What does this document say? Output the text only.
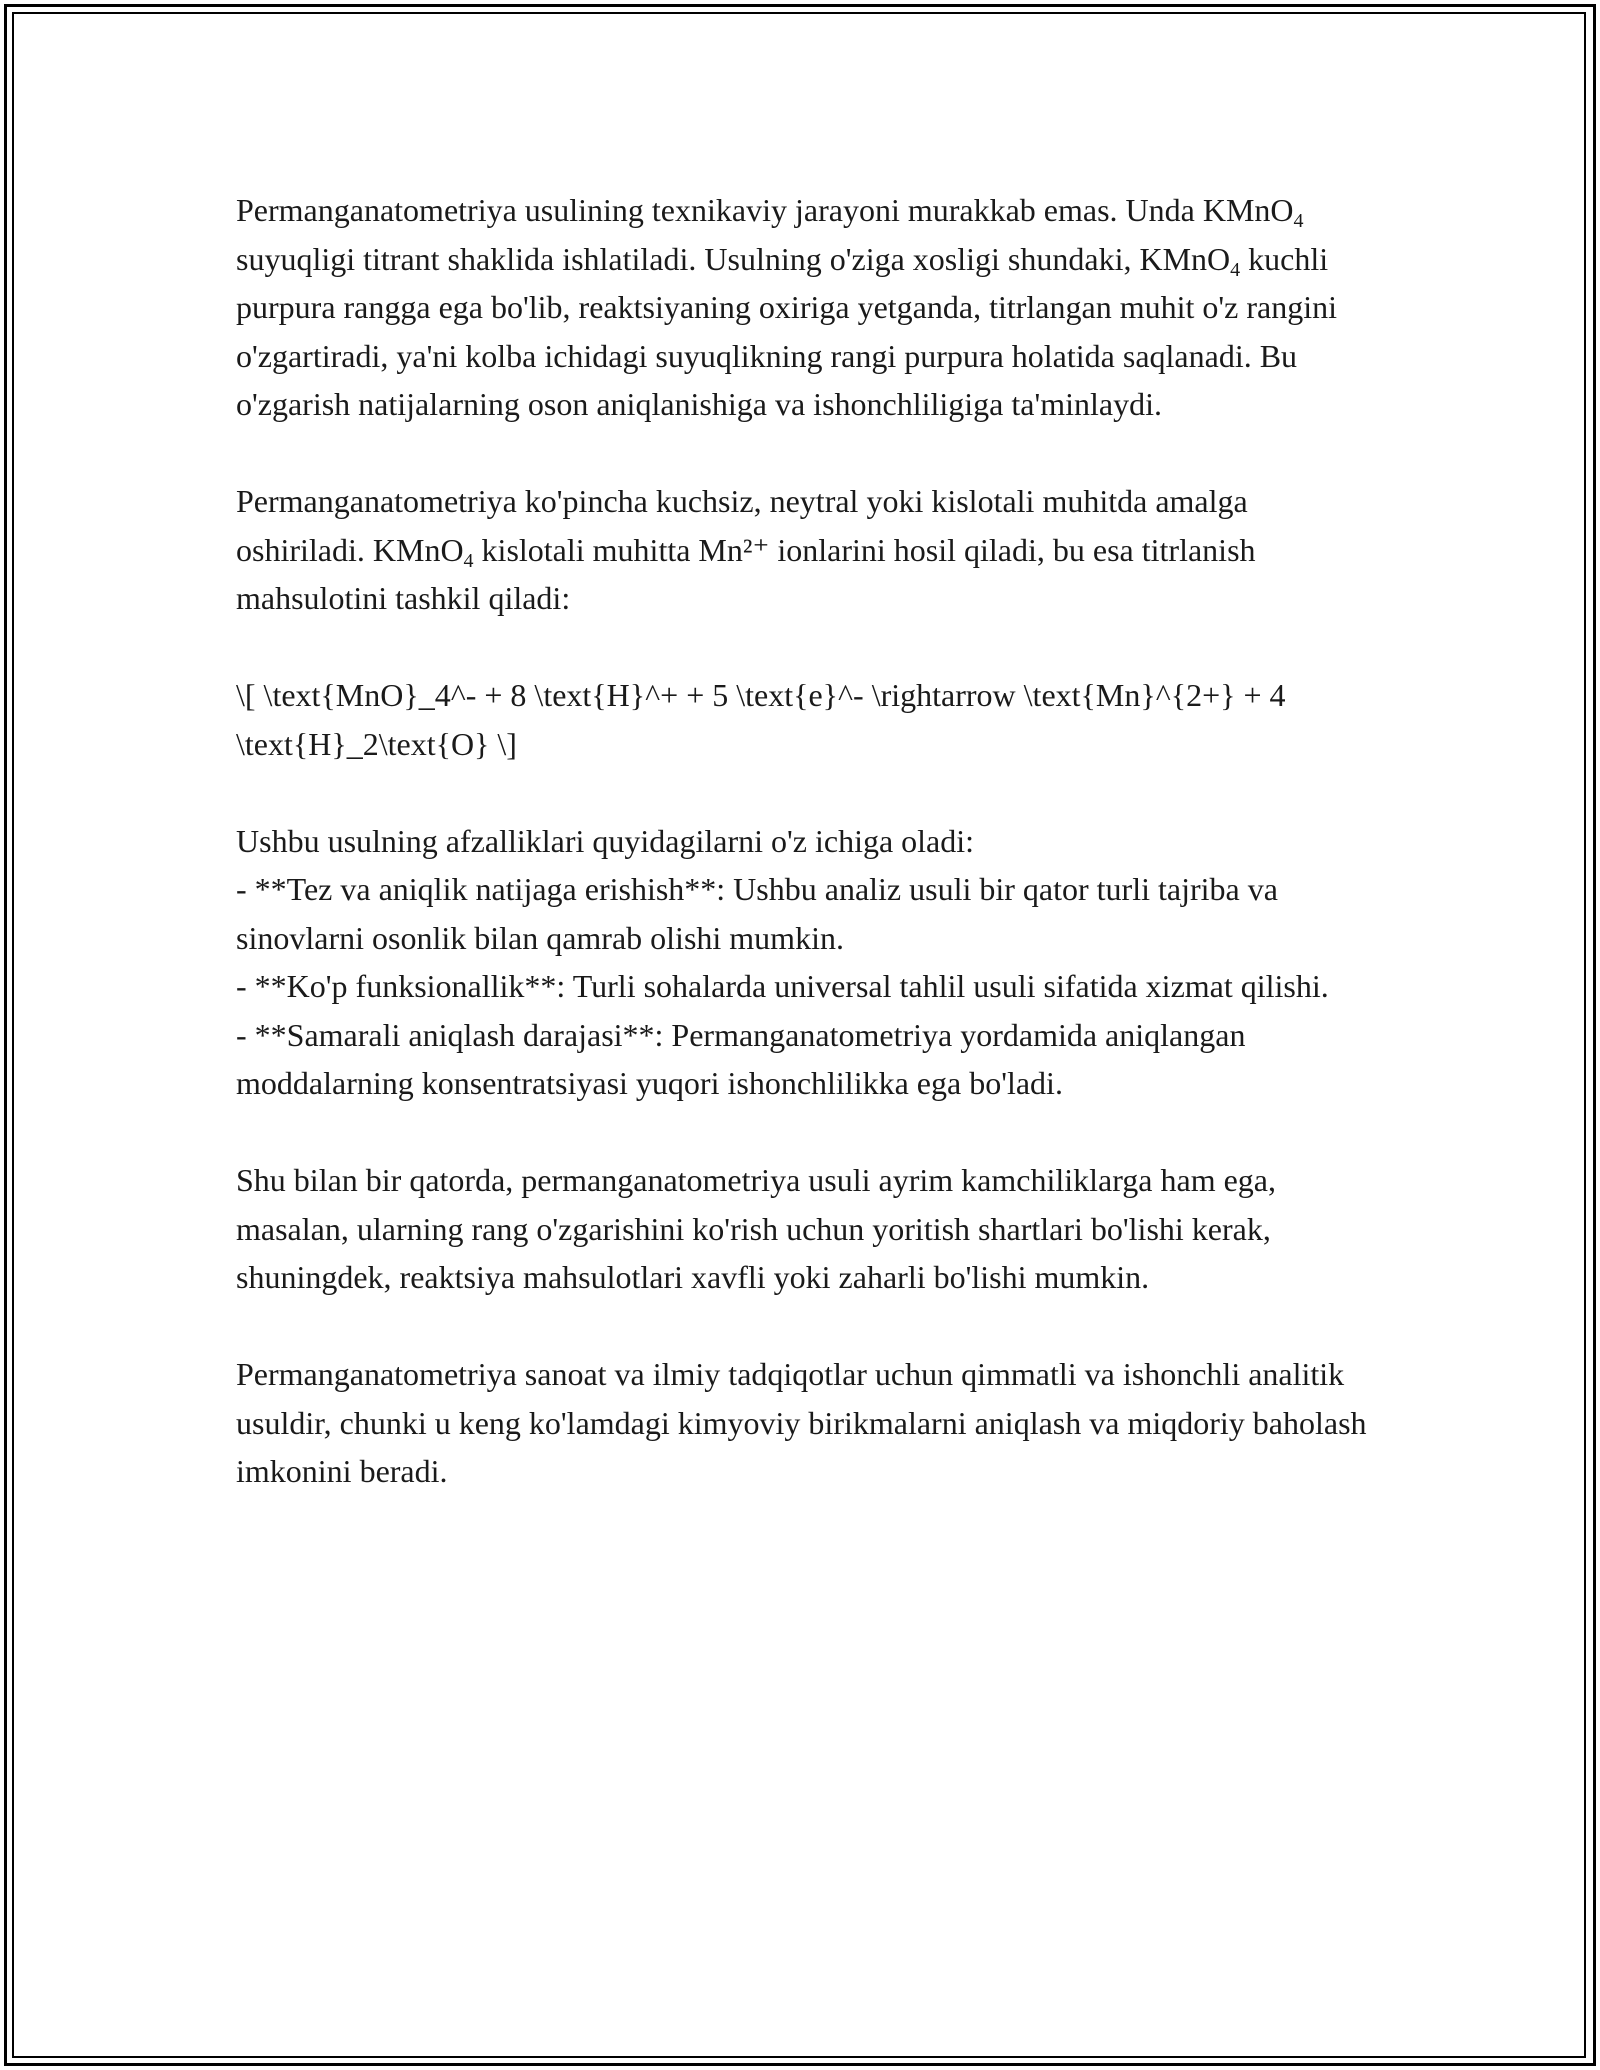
Permanganatometriya usulining texnikaviy jarayoni murakkab emas. Unda KMnO$_4$ suyuqligi titrant shaklida ishlatiladi. Usulning o'ziga xosligi shundaki, KMnO$_4$ kuchli purpura rangga ega bo'lib, reaktsiyaning oxiriga yetganda, titrlangan muhit o'z rangini o'zgartiradi, ya'ni kolba ichidagi suyuqlikning rangi purpura holatida saqlanadi. Bu o'zgarish natijalarning oson aniqlanishiga va ishonchliligiga ta'minlaydi.

Permanganatometriya ko'pincha kuchsiz, neytral yoki kislotali muhitda amalga oshiriladi. KMnO$_4$ kislotali muhitta Mn²⁺ ionlarini hosil qiladi, bu esa titrlanish mahsulotini tashkil qiladi:

\[ \text{MnO}_4^- + 8 \text{H}^+ + 5 \text{e}^- \rightarrow \text{Mn}^{2+} + 4 \text{H}_2\text{O} \]

Ushbu usulning afzalliklari quyidagilarni o'z ichiga oladi:

- **Tez va aniqlik natijaga erishish**: Ushbu analiz usuli bir qator turli tajriba va sinovlarni osonlik bilan qamrab olishi mumkin.

- **Ko'p funksionallik**: Turli sohalarda universal tahlil usuli sifatida xizmat qilishi.

- **Samarali aniqlash darajasi**: Permanganatometriya yordamida aniqlangan moddalarning konsentratsiyasi yuqori ishonchlilikka ega bo'ladi.

Shu bilan bir qatorda, permanganatometriya usuli ayrim kamchiliklarga ham ega, masalan, ularning rang o'zgarishini ko'rish uchun yoritish shartlari bo'lishi kerak, shuningdek, reaktsiya mahsulotlari xavfli yoki zaharli bo'lishi mumkin.

Permanganatometriya sanoat va ilmiy tadqiqotlar uchun qimmatli va ishonchli analitik usuldir, chunki u keng ko'lamdagi kimyoviy birikmalarni aniqlash va miqdoriy baholash imkonini beradi.
